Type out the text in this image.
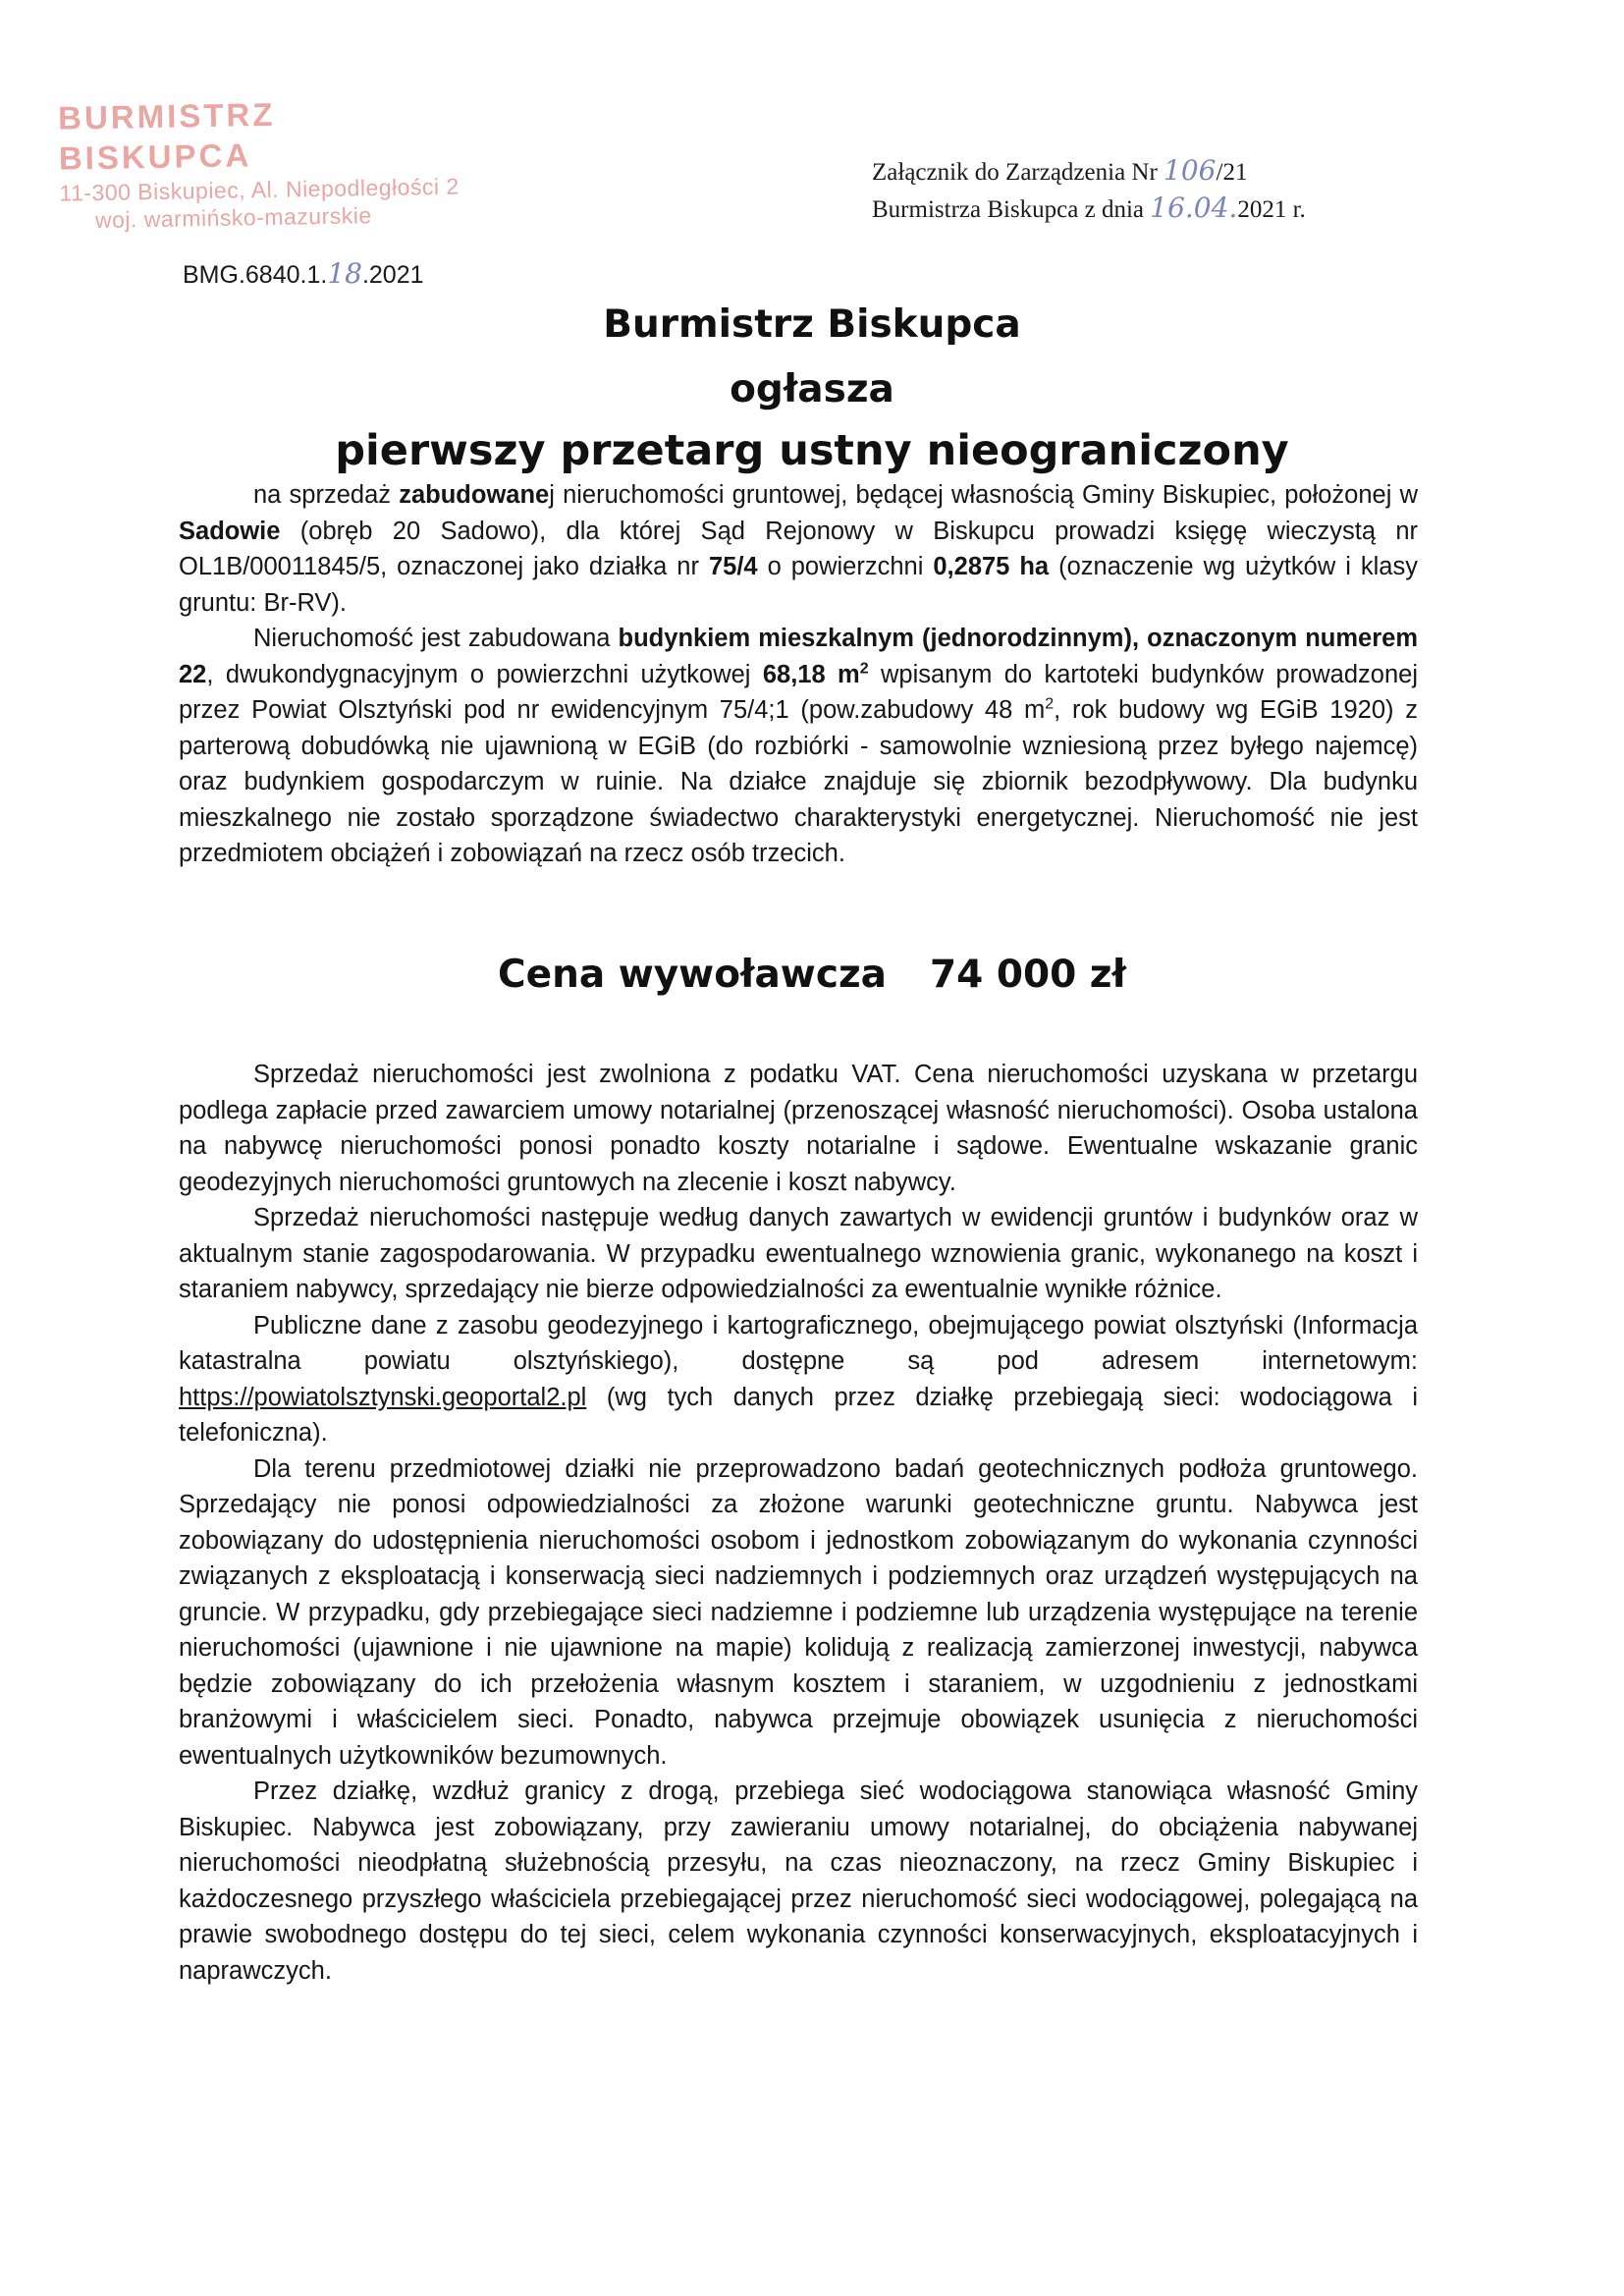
BURMISTRZ BISKUPCA
11-300 Biskupiec, Al. Niepodległości 2
woj. warmińsko-mazurskie
Załącznik do Zarządzenia Nr 106/21
Burmistrza Biskupca z dnia 16.04.2021 r.
BMG.6840.1.18.2021
Burmistrz Biskupca
ogłasza
pierwszy przetarg ustny nieograniczony

na sprzedaż zabudowanej nieruchomości gruntowej, będącej własnością Gminy Biskupiec, położonej w Sadowie (obręb 20 Sadowo), dla której Sąd Rejonowy w Biskupcu prowadzi księgę wieczystą nr OL1B/00011845/5, oznaczonej jako działka nr 75/4 o powierzchni 0,2875 ha (oznaczenie wg użytków i klasy gruntu: Br-RV).

Nieruchomość jest zabudowana budynkiem mieszkalnym (jednorodzinnym), oznaczonym numerem 22, dwukondygnacyjnym o powierzchni użytkowej 68,18 $m^2$ wpisanym do kartoteki budynków prowadzonej przez Powiat Olsztyński pod nr ewidencyjnym 75/4;1 (pow.zabudowy 48 $m^2$, rok budowy wg EGiB 1920) z parterową dobudówką nie ujawnioną w EGiB (do rozbiórki - samowolnie wzniesioną przez byłego najemcę) oraz budynkiem gospodarczym w ruinie. Na działce znajduje się zbiornik bezodpływowy. Dla budynku mieszkalnego nie zostało sporządzone świadectwo charakterystyki energetycznej. Nieruchomość nie jest przedmiotem obciążeń i zobowiązań na rzecz osób trzecich.

Cena wywoławcza 74 000 zł

Sprzedaż nieruchomości jest zwolniona z podatku VAT. Cena nieruchomości uzyskana w przetargu podlega zapłacie przed zawarciem umowy notarialnej (przenoszącej własność nieruchomości). Osoba ustalona na nabywcę nieruchomości ponosi ponadto koszty notarialne i sądowe. Ewentualne wskazanie granic geodezyjnych nieruchomości gruntowych na zlecenie i koszt nabywcy.

Sprzedaż nieruchomości następuje według danych zawartych w ewidencji gruntów i budynków oraz w aktualnym stanie zagospodarowania. W przypadku ewentualnego wznowienia granic, wykonanego na koszt i staraniem nabywcy, sprzedający nie bierze odpowiedzialności za ewentualnie wynikłe różnice.

Publiczne dane z zasobu geodezyjnego i kartograficznego, obejmującego powiat olsztyński (Informacja katastralna powiatu olsztyńskiego), dostępne są pod adresem internetowym: https://powiatolsztynski.geoportal2.pl (wg tych danych przez działkę przebiegają sieci: wodociągowa i telefoniczna).

Dla terenu przedmiotowej działki nie przeprowadzono badań geotechnicznych podłoża gruntowego. Sprzedający nie ponosi odpowiedzialności za złożone warunki geotechniczne gruntu. Nabywca jest zobowiązany do udostępnienia nieruchomości osobom i jednostkom zobowiązanym do wykonania czynności związanych z eksploatacją i konserwacją sieci nadziemnych i podziemnych oraz urządzeń występujących na gruncie. W przypadku, gdy przebiegające sieci nadziemne i podziemne lub urządzenia występujące na terenie nieruchomości (ujawnione i nie ujawnione na mapie) kolidują z realizacją zamierzonej inwestycji, nabywca będzie zobowiązany do ich przełożenia własnym kosztem i staraniem, w uzgodnieniu z jednostkami branżowymi i właścicielem sieci. Ponadto, nabywca przejmuje obowiązek usunięcia z nieruchomości ewentualnych użytkowników bezumownych.

Przez działkę, wzdłuż granicy z drogą, przebiega sieć wodociągowa stanowiąca własność Gminy Biskupiec. Nabywca jest zobowiązany, przy zawieraniu umowy notarialnej, do obciążenia nabywanej nieruchomości nieodpłatną służebnością przesyłu, na czas nieoznaczony, na rzecz Gminy Biskupiec i każdoczesnego przyszłego właściciela przebiegającej przez nieruchomość sieci wodociągowej, polegającą na prawie swobodnego dostępu do tej sieci, celem wykonania czynności konserwacyjnych, eksploatacyjnych i naprawczych.
